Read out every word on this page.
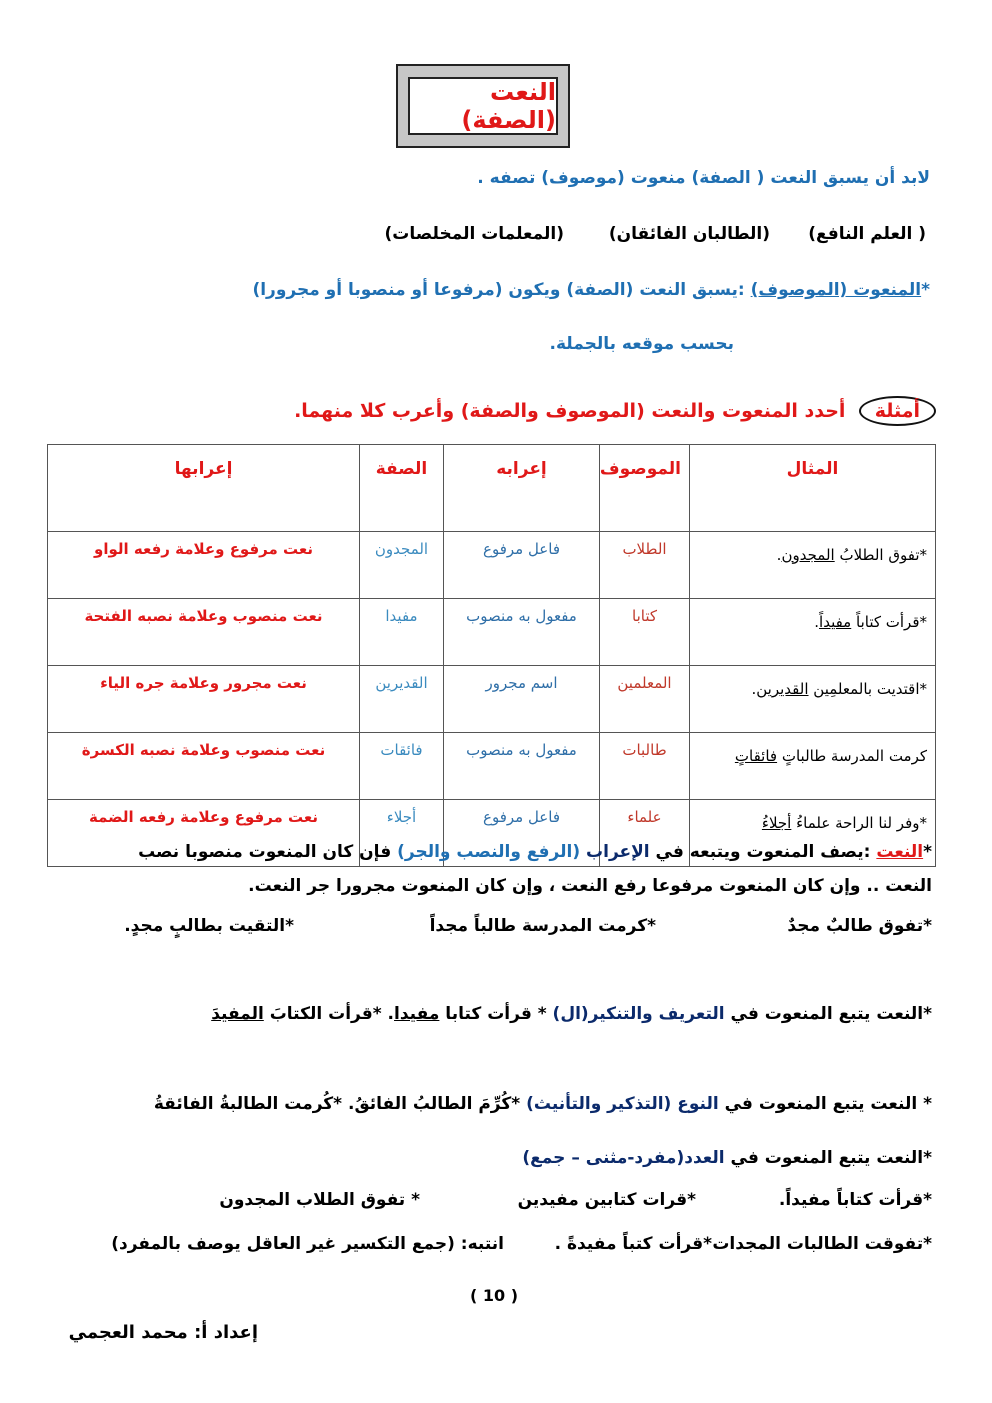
النعت (الصفة)
لابد أن يسبق النعت ( الصفة) منعوت (موصوف) تصفه .
( العلم النافع)
(الطالبان الفائقان)
(المعلمات المخلصات)
*المنعوت (الموصوف) :يسبق النعت (الصفة) ويكون (مرفوعا أو منصوبا أو مجرورا)
بحسب موقعه بالجملة.
أمثلة  أحدد المنعوت والنعت (الموصوف والصفة) وأعرب كلا منهما.
المثال	الموصوف	إعرابه	الصفة	إعرابها
*تفوق الطلابُ المجدون.	الطلاب	فاعل مرفوع	المجدون	نعت مرفوع وعلامة رفعه الواو
*قرأت كتاباً مفيداً.	كتابا	مفعول به منصوب	مفيدا	نعت منصوب وعلامة نصبه الفتحة
*اقتديت بالمعلمِين القديرين.	المعلمين	اسم مجرور	القديرين	نعت مجرور وعلامة جره الياء
كرمت المدرسة طالباتٍ فائقاتٍ	طالبات	مفعول به منصوب	فائقات	نعت منصوب وعلامة نصبه الكسرة
*وفر لنا الراحة علماءُ أجلاءُ	علماء	فاعل مرفوع	أجلاء	نعت مرفوع وعلامة رفعه الضمة
*النعت :يصف المنعوت ويتبعه في الإعراب (الرفع والنصب والجر) فإن كان المنعوت منصوبا نصب
النعت .. وإن كان المنعوت مرفوعا رفع النعت ، وإن كان المنعوت مجرورا جر النعت.
*تفوق طالبٌ مجدٌ
*كرمت المدرسة طالباً مجداً
*التقيت بطالبٍ مجدٍ.
*النعت يتبع المنعوت في التعريف والتنكير(ال) * قرأت كتابا مفيدا. *قرأت الكتابَ المفيدَ
* النعت يتبع المنعوت في النوع (التذكير والتأنيث) *كُرِّمَ الطالبُ الفائقُ. *كُرمت الطالبةُ الفائقةُ
*النعت يتبع المنعوت في العدد(مفرد-مثنى – جمع)
*قرأت كتاباً مفيداً.
*قرات كتابين مفيدين
* تفوق الطلاب المجدون
*تفوقت الطالبات المجدات
*قرأت كتباً مفيدةً .
انتبه: (جمع التكسير غير العاقل يوصف بالمفرد)
( 10 )
إعداد أ: محمد العجمي
